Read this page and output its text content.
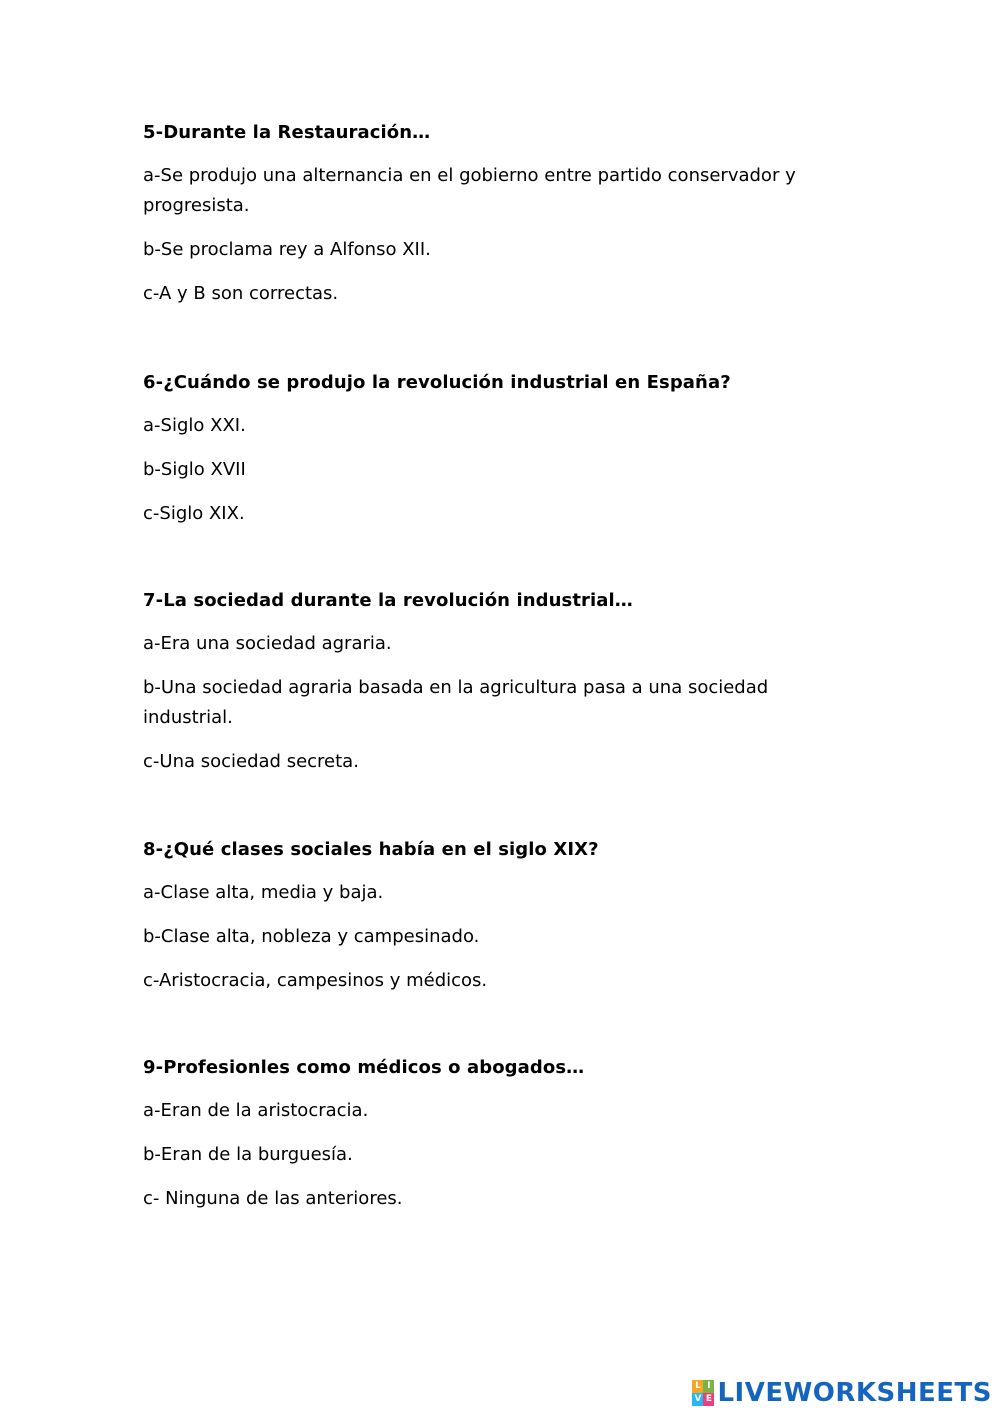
5-Durante la Restauración…
a-Se produjo una alternancia en el gobierno entre partido conservador y progresista.
b-Se proclama rey a Alfonso XII.
c-A y B son correctas.
6-¿Cuándo se produjo la revolución industrial en España?
a-Siglo XXI.
b-Siglo XVII
c-Siglo XIX.
7-La sociedad durante la revolución industrial…
a-Era una sociedad agraria.
b-Una sociedad agraria basada en la agricultura pasa a una sociedad industrial.
c-Una sociedad secreta.
8-¿Qué clases sociales había en el siglo XIX?
a-Clase alta, media y baja.
b-Clase alta, nobleza y campesinado.
c-Aristocracia, campesinos y médicos.
9-Profesionles como médicos o abogados…
a-Eran de la aristocracia.
b-Eran de la burguesía.
c- Ninguna de las anteriores.
L I
V E LIVEWORKSHEETS
